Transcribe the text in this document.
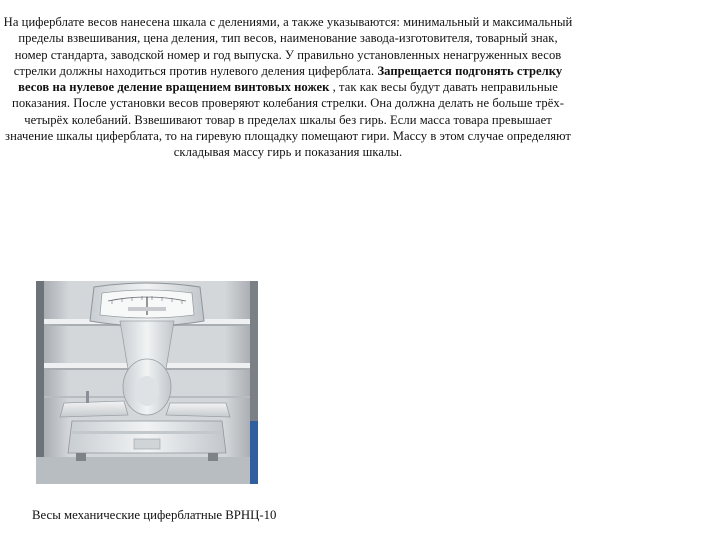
На циферблате весов нанесена шкала с делениями, а также указываются: минимальный и максимальный пределы взвешивания, цена деления, тип весов, наименование завода-изготовителя, товарный знак, номер стандарта, заводской номер и год выпуска. У правильно установленных ненагруженных весов стрелки должны находиться против нулевого деления циферблата. Запрещается подгонять стрелку весов на нулевое деление вращением винтовых ножек , так как весы будут давать неправильные показания. После установки весов проверяют колебания стрелки. Она должна делать не больше трёх- четырёх колебаний. Взвешивают товар в пределах шкалы без гирь. Если масса товара превышает значение шкалы циферблата, то на гиревую площадку помещают гири. Массу в этом случае определяют складывая массу гирь и показания шкалы.
Весы механические циферблатные ВРНЦ-10
